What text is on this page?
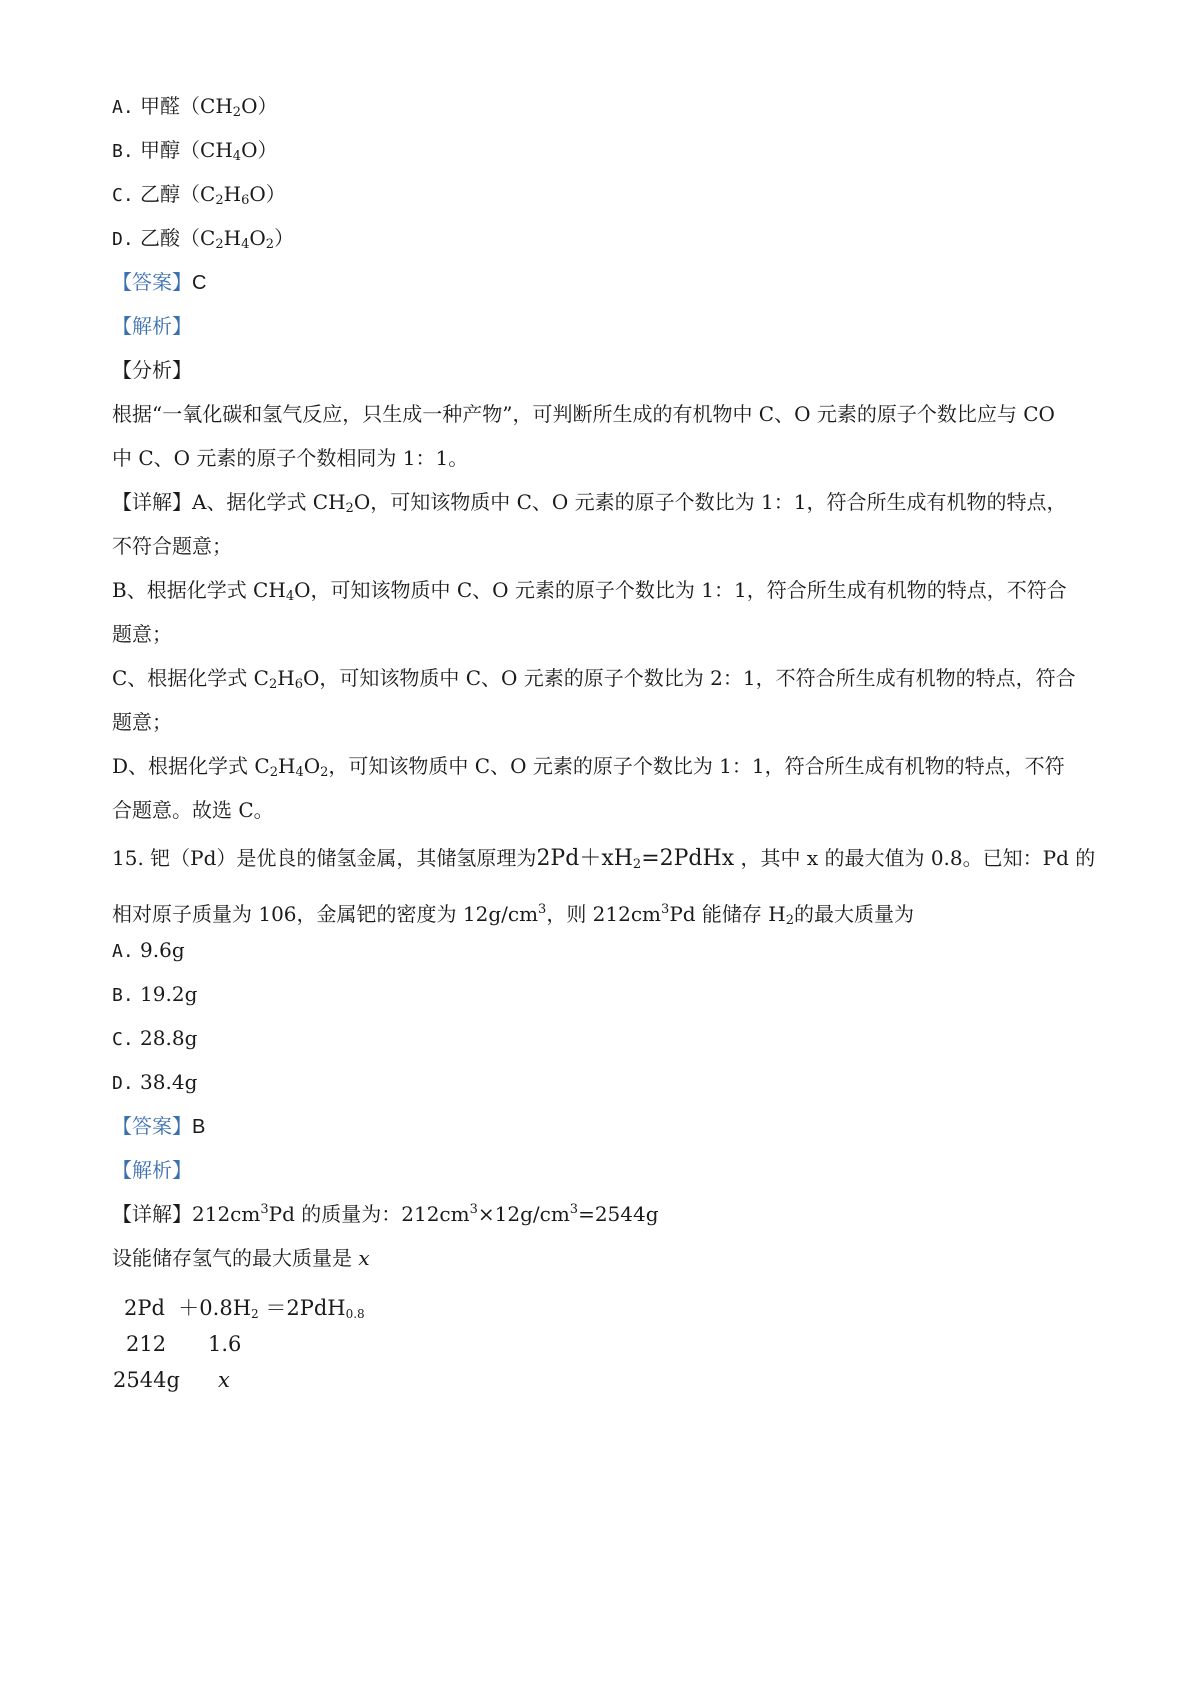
A. 甲醛$(CH_2O)$
B. 甲醇$(CH_4O)$
C. 乙醇$(C_2H_6O)$
D. 乙酸$(C_2H_4O_2)$
【答案】C
【解析】
【分析】
根据“一氧化碳和氢气反应，只生成一种产物”，可判断所生成的有机物中 C、O 元素的原子个数比应与 CO
中 C、O 元素的原子个数相同为 1：1。
【详解】A、据化学式 $CH_2O$，可知该物质中 C、O 元素的原子个数比为 1：1，符合所生成有机物的特点，
不符合题意；
B、根据化学式 $CH_4O$，可知该物质中 C、O 元素的原子个数比为 1：1，符合所生成有机物的特点，不符合
题意；
C、根据化学式 $C_2H_6O$，可知该物质中 C、O 元素的原子个数比为 2：1，不符合所生成有机物的特点，符合
题意；
D、根据化学式 $C_2H_4O_2$，可知该物质中 C、O 元素的原子个数比为 1：1，符合所生成有机物的特点，不符
合题意。故选 C。
15. 钯（Pd）是优良的储氢金属，其储氢原理为$2Pd+xH_2=2PdHx$ ，其中 x 的最大值为 0.8。已知：Pd 的
相对原子质量为 106，金属钯的密度为 $12g/cm^3$，则 $212cm^3Pd$ 能储存 $H_2$的最大质量为
A. 9.6g
B. 19.2g
C. 28.8g
D. 38.4g
【答案】B
【解析】
【详解】$212cm^3Pd$ 的质量为：$212cm^3\times 12g/cm^3=2544g$
设能储存氢气的最大质量是 x
$2Pd +0.8H_2 =2PdH_{0.8}$
212 1.6
2544g x
